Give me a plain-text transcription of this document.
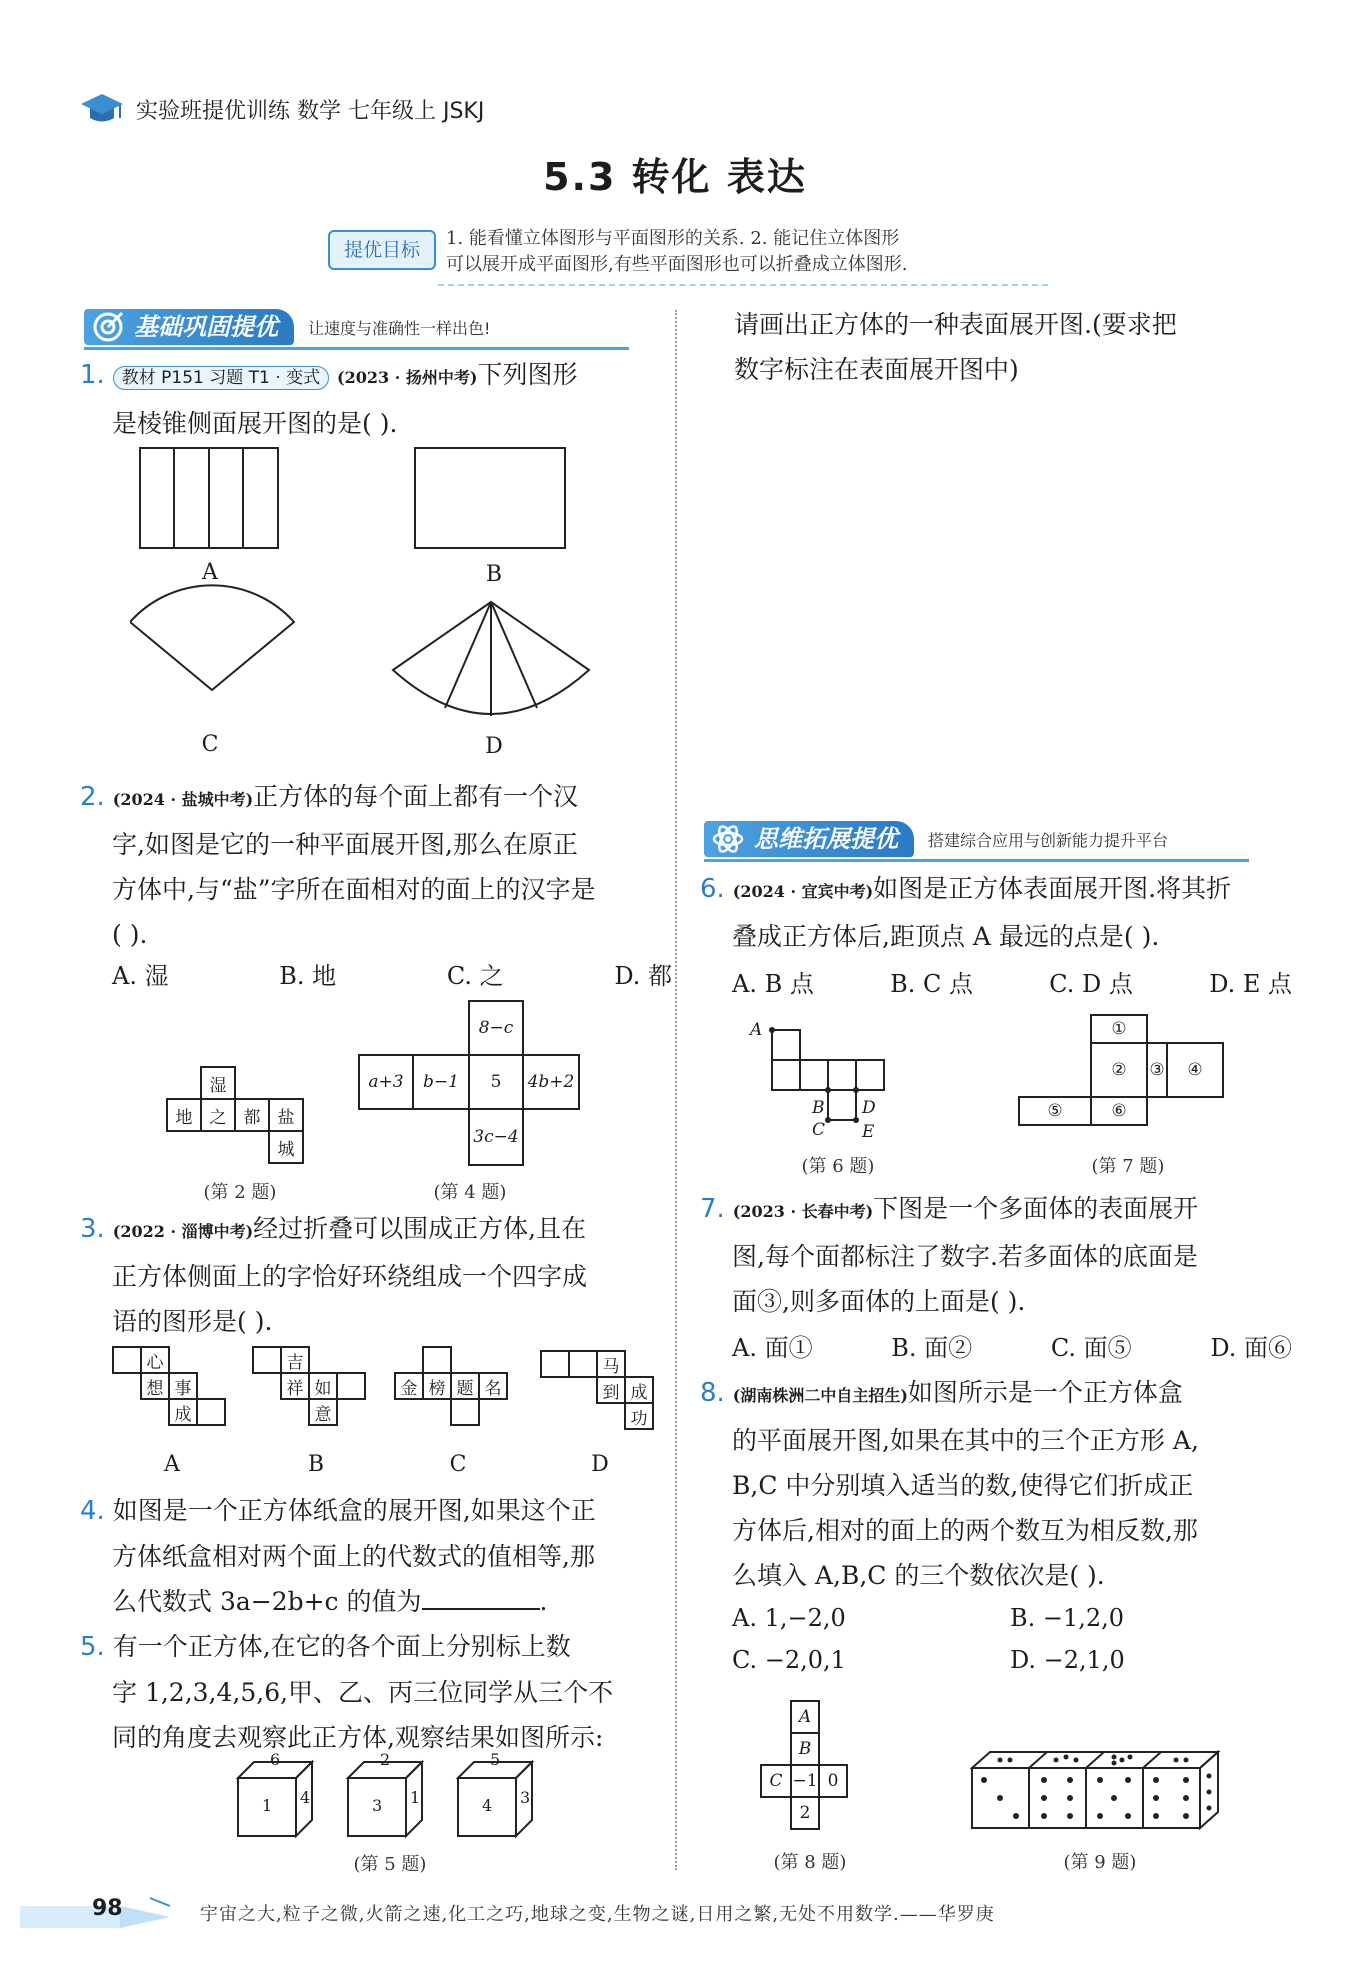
实验班提优训练 数学 七年级上 JSKJ
5.3 转化 表达
提优目标
1. 能看懂立体图形与平面图形的关系. 2. 能记住立体图形
可以展开成平面图形,有些平面图形也可以折叠成立体图形.
基础巩固提优	让速度与准确性一样出色!
1. 教材 P151 习题 T1 · 变式 (2023 · 扬州中考)下列图形
是棱锥侧面展开图的是( ).
A	B
C	D
2. (2024 · 盐城中考)正方体的每个面上都有一个汉
字,如图是它的一种平面展开图,那么在原正
方体中,与“盐”字所在面相对的面上的汉字是
( ).
A. 湿	B. 地	C. 之	D. 都
湿
地	之	都	盐
城
(第 2 题)
8−c
a+3	b−1	5	4b+2
3c−4
(第 4 题)
3. (2022 · 淄博中考)经过折叠可以围成正方体,且在
正方体侧面上的字恰好环绕组成一个四字成
语的图形是( ).
心
想 事
成
吉
祥 如
意
金 榜 题 名
马
到 成
功
A	B	C	D
4. 如图是一个正方体纸盒的展开图,如果这个正
方体纸盒相对两个面上的代数式的值相等,那
么代数式 3a−2b+c 的值为	.
5. 有一个正方体,在它的各个面上分别标上数
字 1,2,3,4,5,6,甲、乙、丙三位同学从三个不
同的角度去观察此正方体,观察结果如图所示:
6
1 4
2
3 1
5
4 3
(第 5 题)
请画出正方体的一种表面展开图.(要求把
数字标注在表面展开图中)
思维拓展提优	搭建综合应用与创新能力提升平台
6. (2024 · 宜宾中考)如图是正方体表面展开图.将其折
叠成正方体后,距顶点 A 最远的点是( ).
A. B 点	B. C 点	C. D 点	D. E 点
A
B D
C E
(第 6 题)
①
②	③	④
⑤	⑥
(第 7 题)
7. (2023 · 长春中考)下图是一个多面体的表面展开
图,每个面都标注了数字.若多面体的底面是
面③,则多面体的上面是( ).
A. 面①	B. 面②	C. 面⑤	D. 面⑥
8. (湖南株洲二中自主招生)如图所示是一个正方体盒
的平面展开图,如果在其中的三个正方形 A,
B,C 中分别填入适当的数,使得它们折成正
方体后,相对的面上的两个数互为相反数,那
么填入 A,B,C 的三个数依次是( ).
A. 1,−2,0	B. −1,2,0
C. −2,0,1	D. −2,1,0
A
B
C −1 0
2
(第 8 题)	(第 9 题)
98	宇宙之大,粒子之微,火箭之速,化工之巧,地球之变,生物之谜,日用之繁,无处不用数学.——华罗庚
